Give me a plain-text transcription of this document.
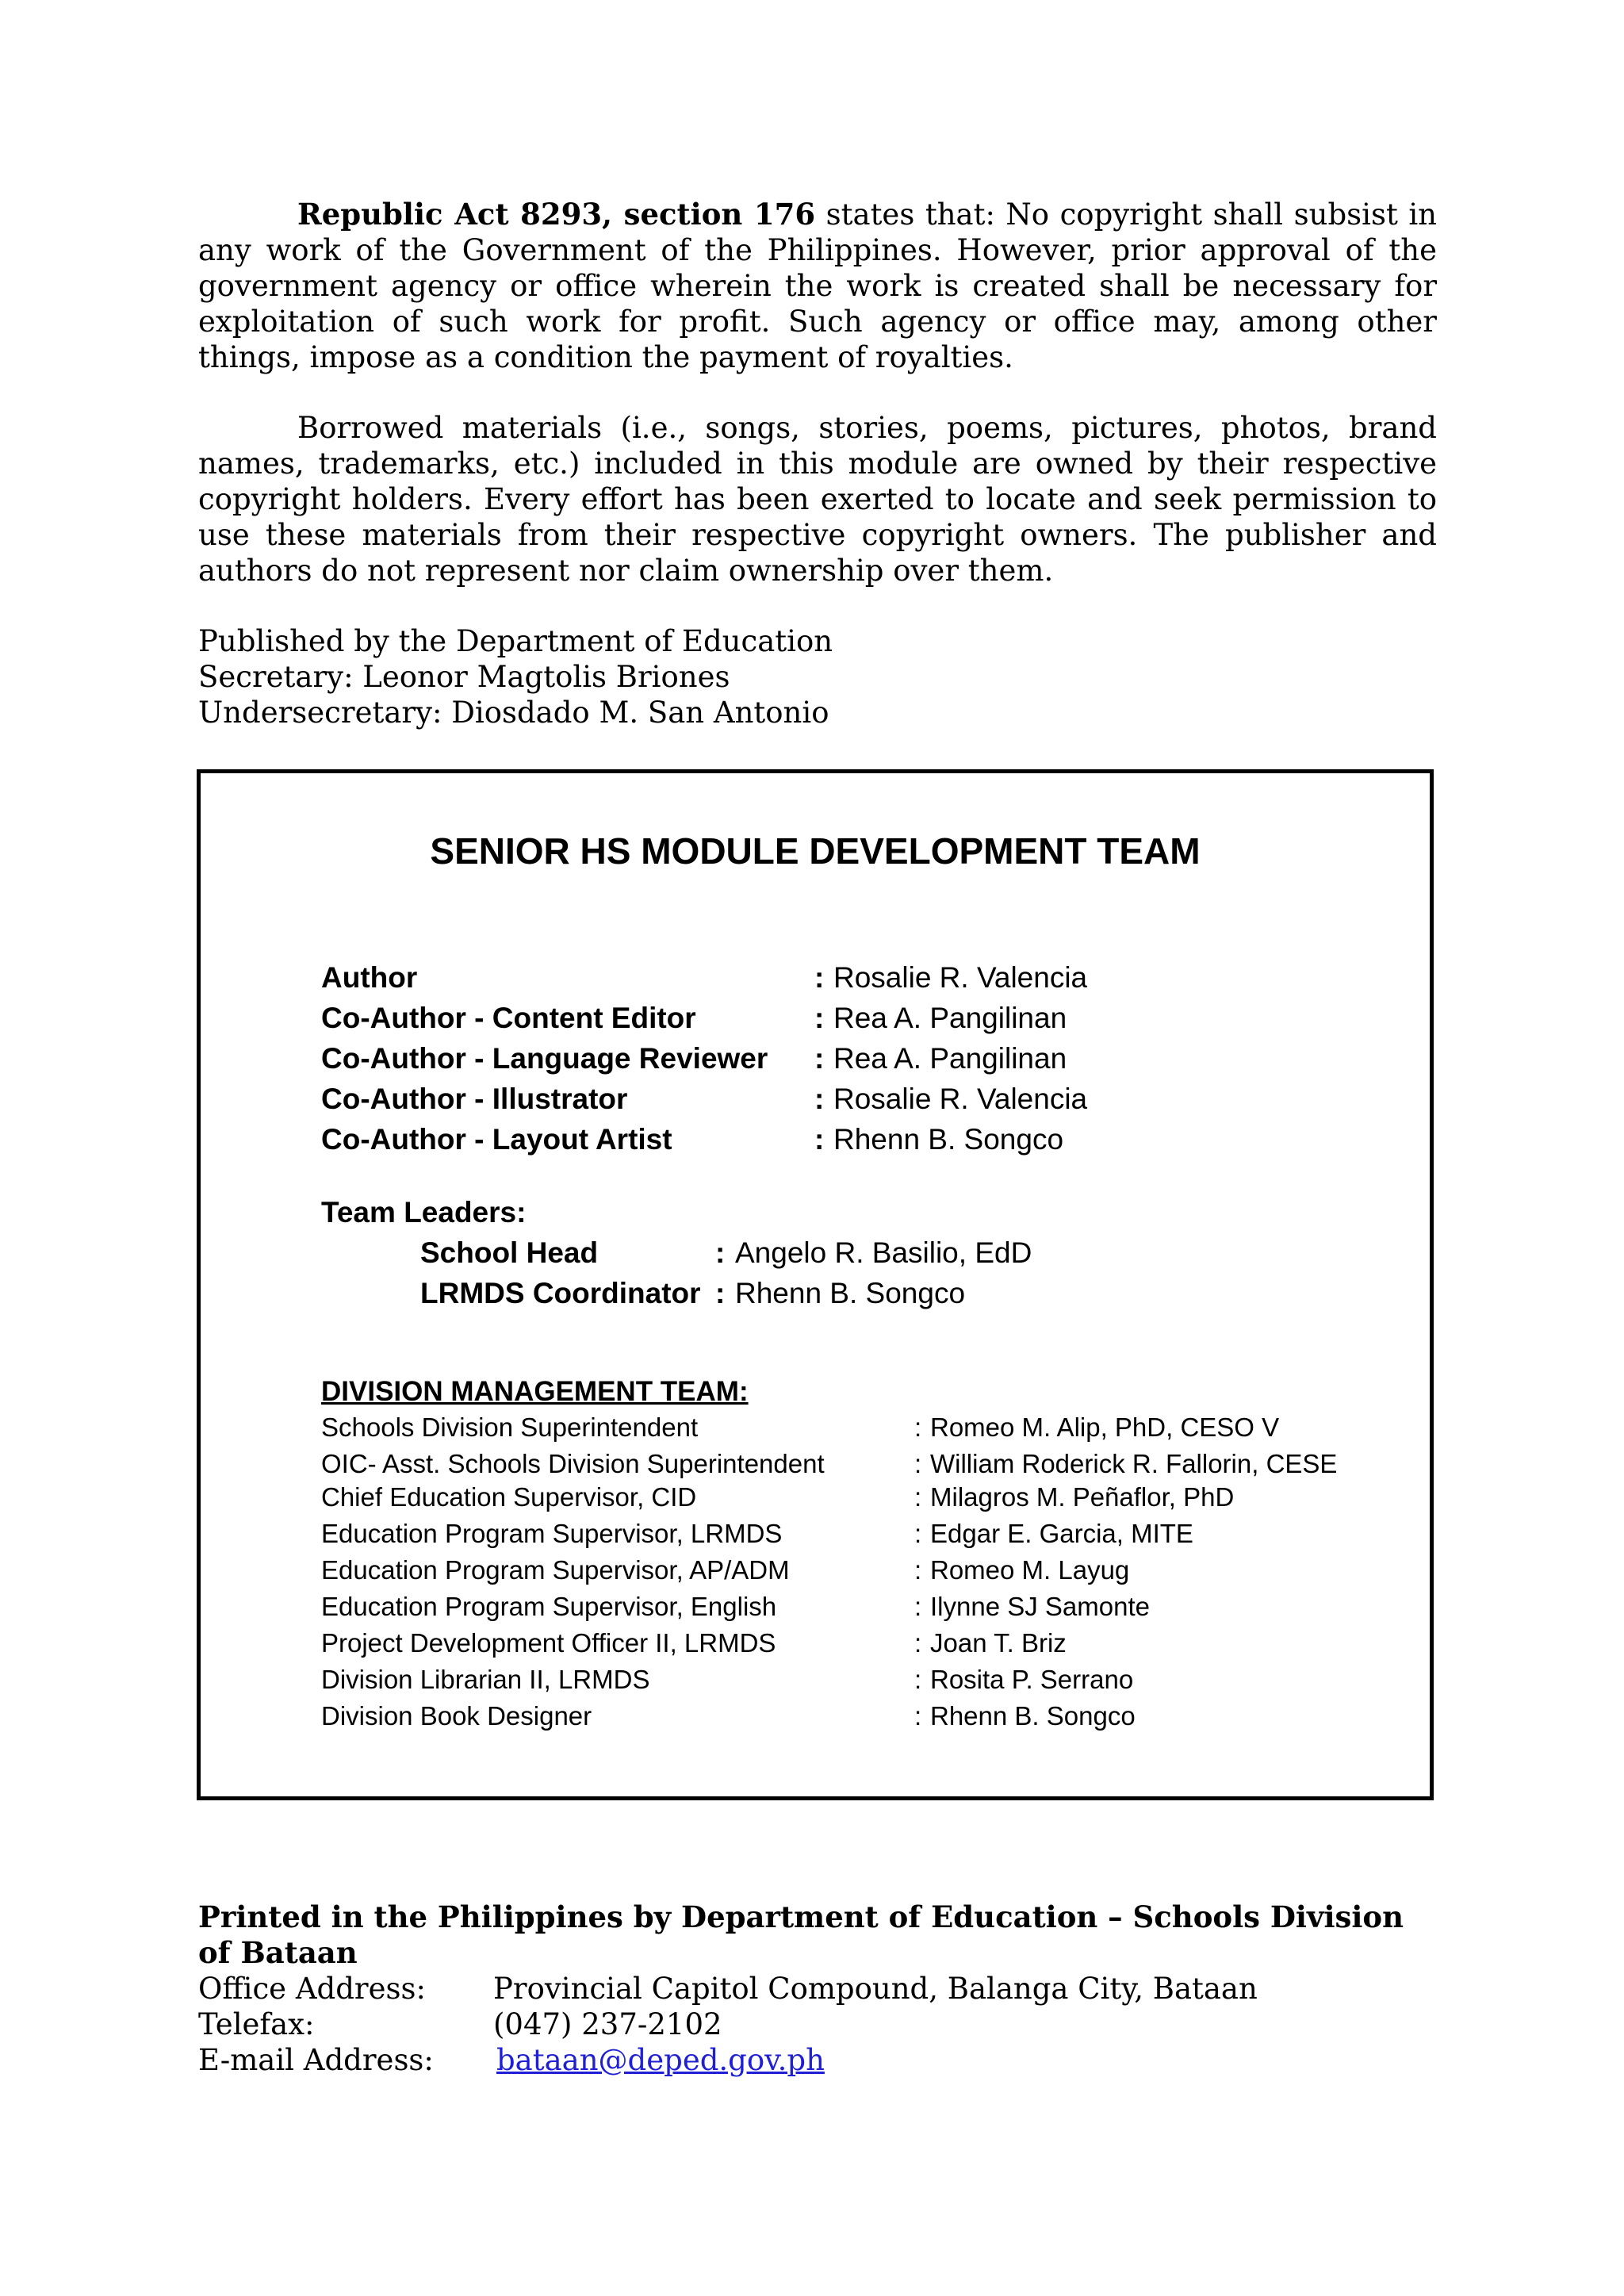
Republic Act 8293, section 176 states that: No copyright shall subsist in any work of the Government of the Philippines. However, prior approval of the government agency or office wherein the work is created shall be necessary for exploitation of such work for profit. Such agency or office may, among other things, impose as a condition the payment of royalties.

Borrowed materials (i.e., songs, stories, poems, pictures, photos, brand names, trademarks, etc.) included in this module are owned by their respective copyright holders. Every effort has been exerted to locate and seek permission to use these materials from their respective copyright owners. The publisher and authors do not represent nor claim ownership over them.

Published by the Department of Education
Secretary: Leonor Magtolis Briones
Undersecretary: Diosdado M. San Antonio
SENIOR HS MODULE DEVELOPMENT TEAM
Author	: Rosalie R. Valencia
Co-Author - Content Editor	: Rea A. Pangilinan
Co-Author - Language Reviewer : Rea A. Pangilinan
Co-Author - Illustrator	: Rosalie R. Valencia
Co-Author - Layout Artist	: Rhenn B. Songco
Team Leaders:
School Head	: Angelo R. Basilio, EdD
LRMDS Coordinator : Rhenn B. Songco
DIVISION MANAGEMENT TEAM:
Schools Division Superintendent	: Romeo M. Alip, PhD, CESO V
OIC- Asst. Schools Division Superintendent	: William Roderick R. Fallorin, CESE
Chief Education Supervisor, CID	: Milagros M. Peñaflor, PhD
Education Program Supervisor, LRMDS	: Edgar E. Garcia, MITE
Education Program Supervisor, AP/ADM	: Romeo M. Layug
Education Program Supervisor, English	: Ilynne SJ Samonte
Project Development Officer II, LRMDS	: Joan T. Briz
Division Librarian II, LRMDS	: Rosita P. Serrano
Division Book Designer	: Rhenn B. Songco
Printed in the Philippines by Department of Education – Schools Division of Bataan
Office Address: Provincial Capitol Compound, Balanga City, Bataan
Telefax:	(047) 237-2102
E-mail Address: bataan@deped.gov.ph
